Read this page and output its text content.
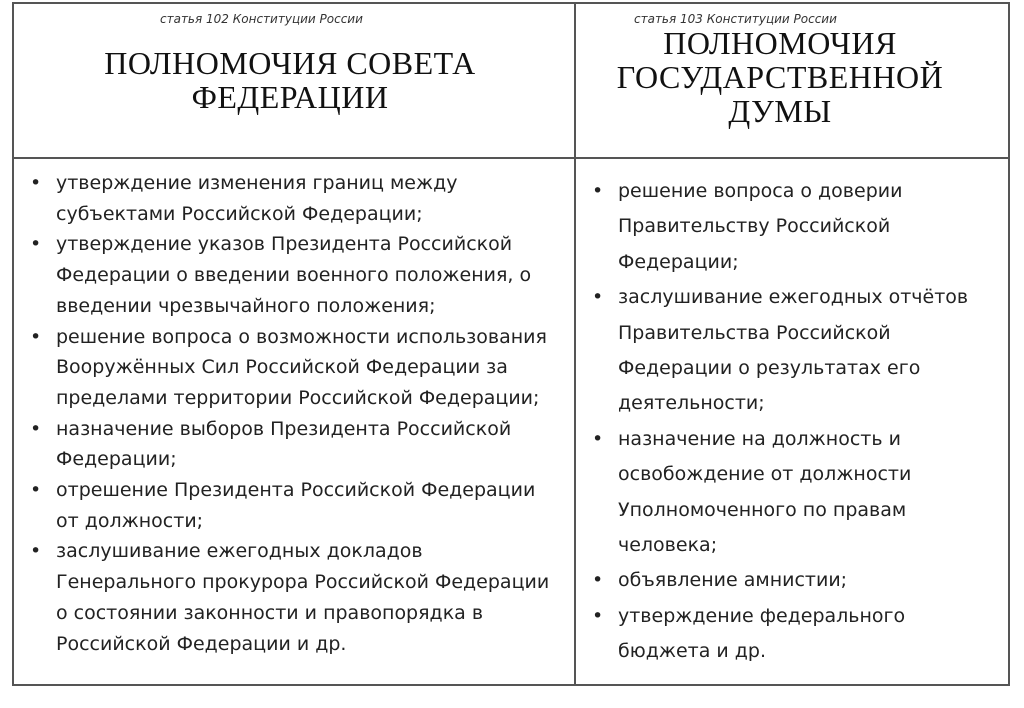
статья 102 Конституции России	статья 103 Конституции России
ПОЛНОМОЧИЯ СОВЕТА
ФЕДЕРАЦИИ
ПОЛНОМОЧИЯ
ГОСУДАРСТВЕННОЙ
ДУМЫ
• утверждение изменения границ между субъектами Российской Федерации;
• утверждение указов Президента Российской Федерации о введении военного положения, о введении чрезвычайного положения;
• решение вопроса о возможности использования Вооружённых Сил Российской Федерации за пределами территории Российской Федерации;
• назначение выборов Президента Российской Федерации;
• отрешение Президента Российской Федерации от должности;
• заслушивание ежегодных докладов Генерального прокурора Российской Федерации о состоянии законности и правопорядка в Российской Федерации и др.
• решение вопроса о доверии Правительству Российской Федерации;
• заслушивание ежегодных отчётов Правительства Российской Федерации о результатах его деятельности;
• назначение на должность и освобождение от должности Уполномоченного по правам человека;
• объявление амнистии;
• утверждение федерального бюджета и др.
